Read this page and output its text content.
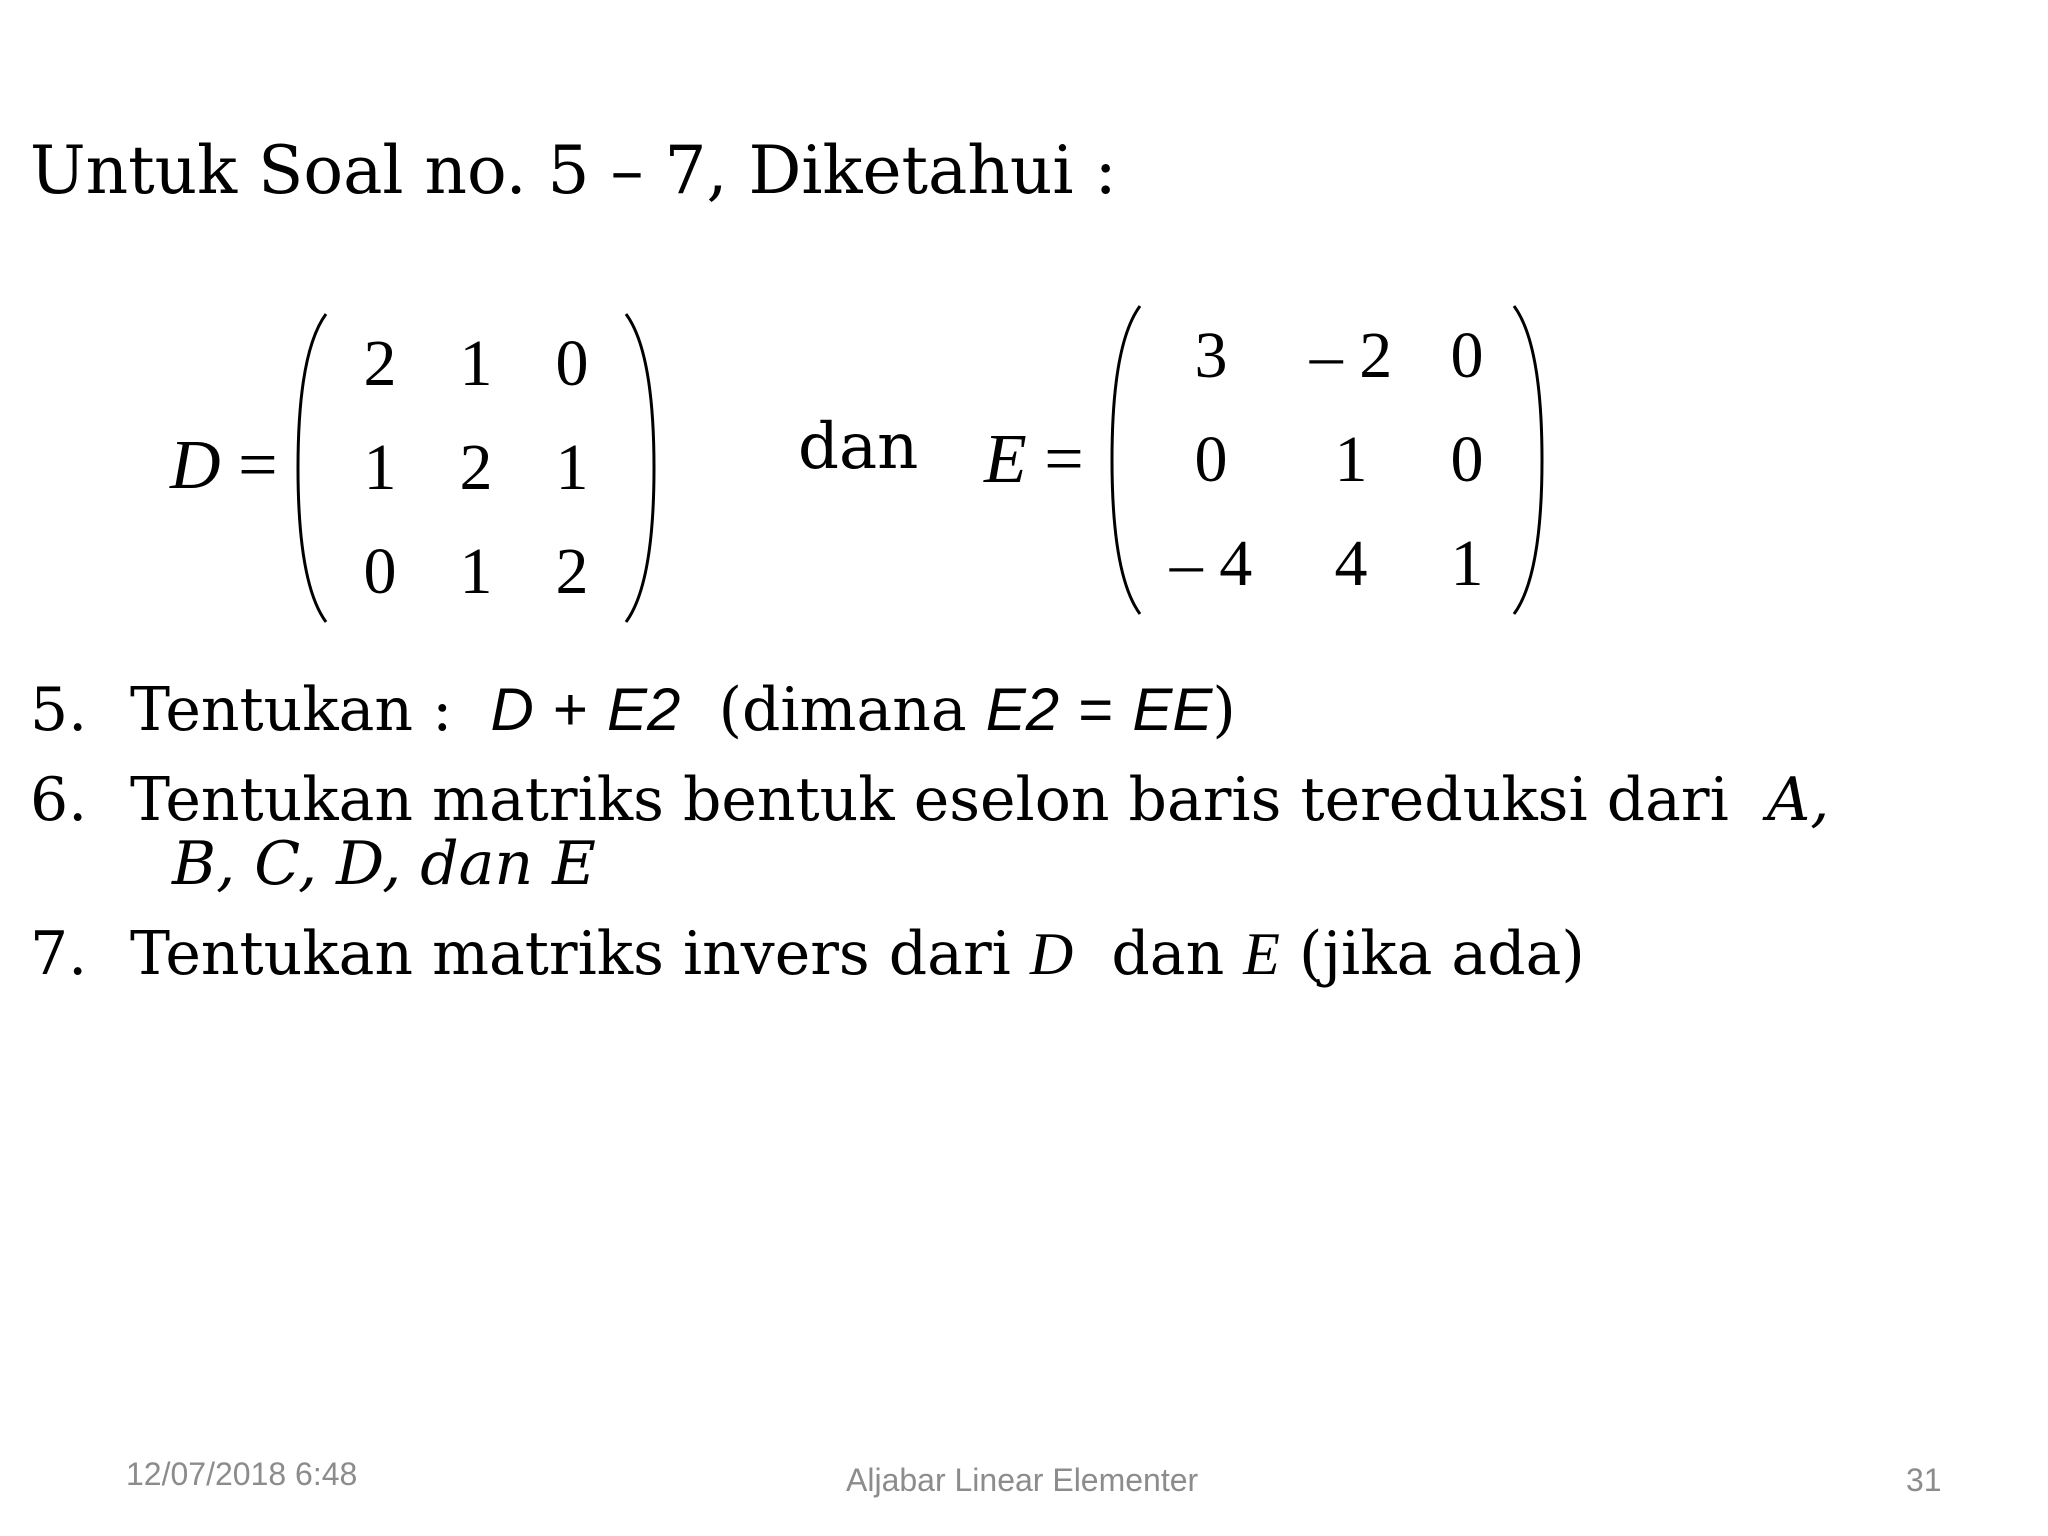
Untuk Soal no. 5 – 7, Diketahui :
D =
2	1	0
1	2	1
0	1	2
dan E =
3	– 2	0
0	1	0
– 4	4	1
5. Tentukan : D + E2 (dimana E2 = EE)
6. Tentukan matriks bentuk eselon baris tereduksi dari A,
B, C, D, dan E
7. Tentukan matriks invers dari D dan E (jika ada)
12/07/2018 6:48	Aljabar Linear Elementer	31
